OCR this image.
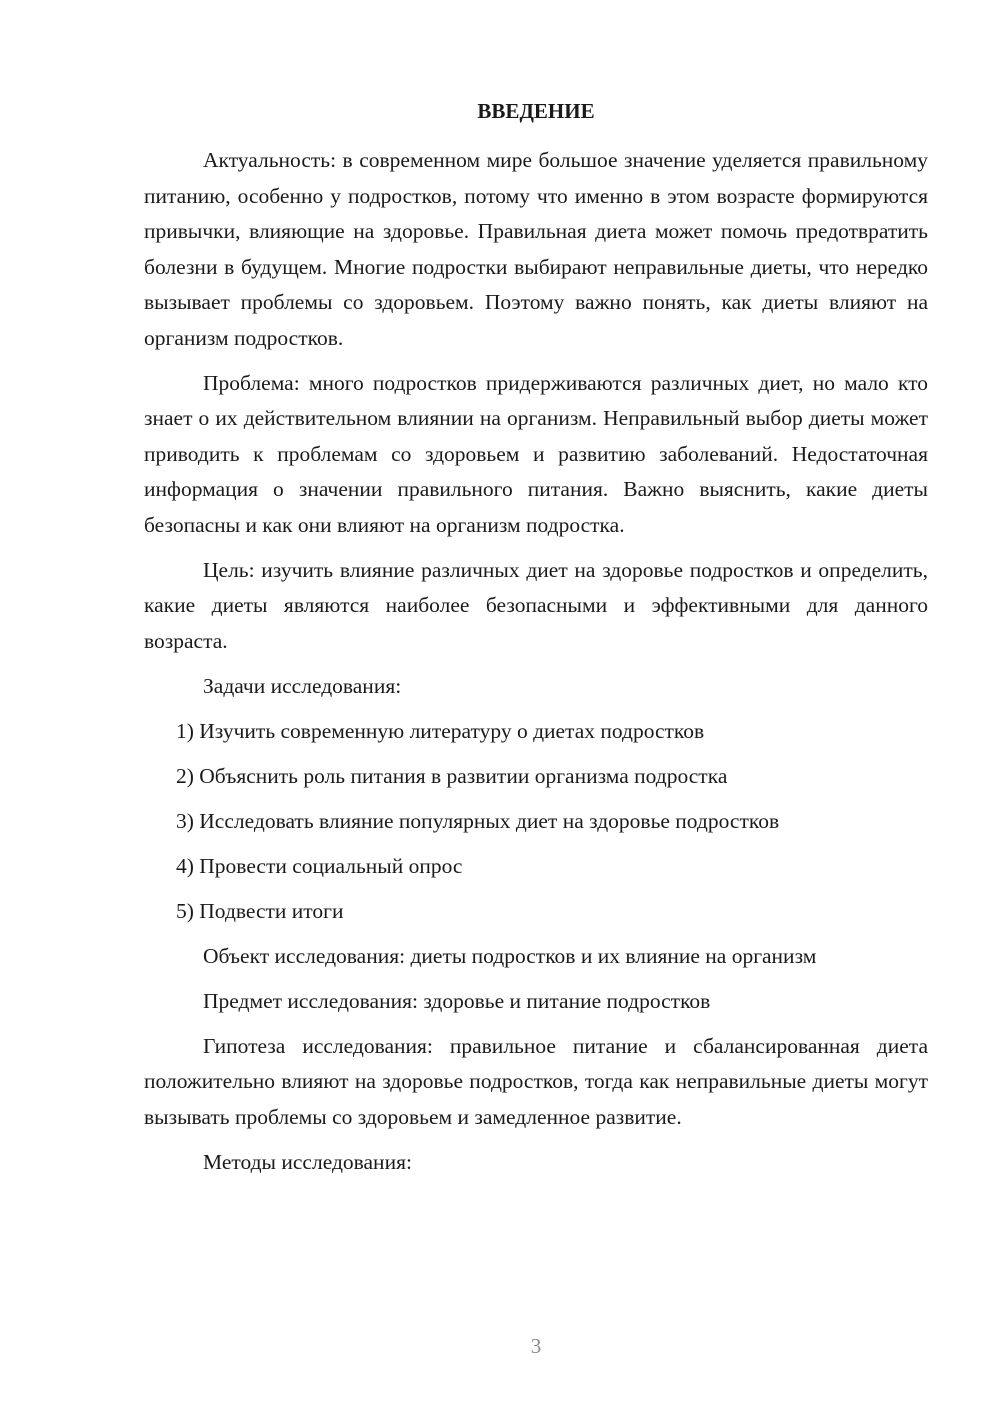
ВВЕДЕНИЕ

Актуальность: в современном мире большое значение уделяется правильному питанию, особенно у подростков, потому что именно в этом возрасте формируются привычки, влияющие на здоровье. Правильная диета может помочь предотвратить болезни в будущем. Многие подростки выбирают неправильные диеты, что нередко вызывает проблемы со здоровьем. Поэтому важно понять, как диеты влияют на организм подростков.

Проблема: много подростков придерживаются различных диет, но мало кто знает о их действительном влиянии на организм. Неправильный выбор диеты может приводить к проблемам со здоровьем и развитию заболеваний. Недостаточная информация о значении правильного питания. Важно выяснить, какие диеты безопасны и как они влияют на организм подростка.

Цель: изучить влияние различных диет на здоровье подростков и определить, какие диеты являются наиболее безопасными и эффективными для данного возраста.

Задачи исследования:

1) Изучить современную литературу о диетах подростков

2) Объяснить роль питания в развитии организма подростка

3) Исследовать влияние популярных диет на здоровье подростков

4) Провести социальный опрос

5) Подвести итоги

Объект исследования: диеты подростков и их влияние на организм

Предмет исследования: здоровье и питание подростков

Гипотеза исследования: правильное питание и сбалансированная диета положительно влияют на здоровье подростков, тогда как неправильные диеты могут вызывать проблемы со здоровьем и замедленное развитие.

Методы исследования:

3
